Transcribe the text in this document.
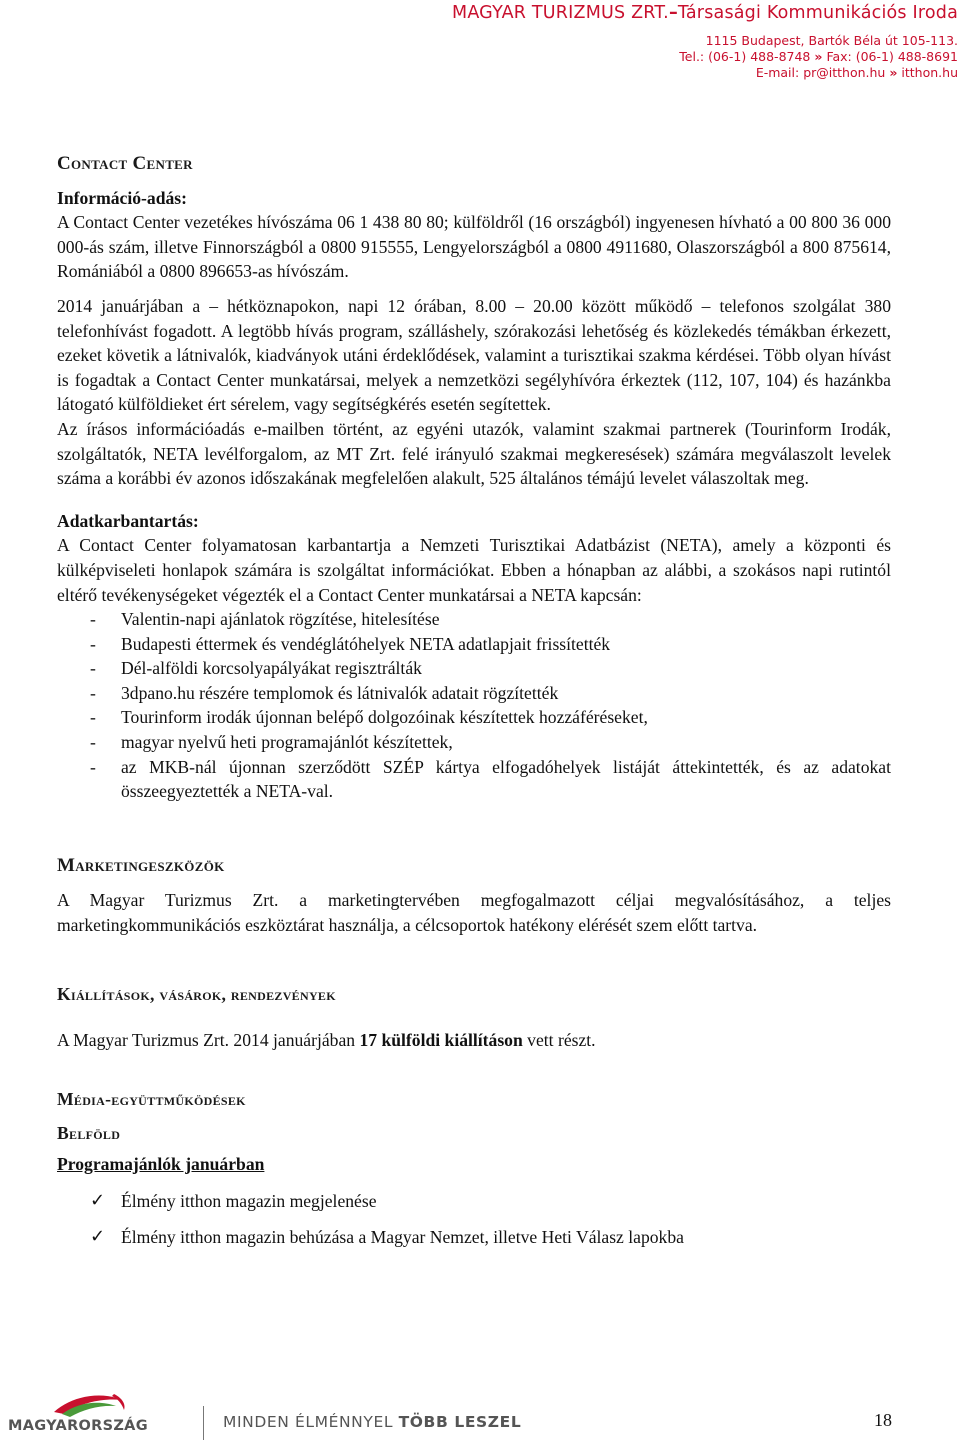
MAGYAR TURIZMUS ZRT.–Társasági Kommunikációs Iroda
1115 Budapest, Bartók Béla út 105-113.
Tel.: (06-1) 488-8748 » Fax: (06-1) 488-8691
E-mail: pr@itthon.hu » itthon.hu
Contact Center
Információ-adás:

A Contact Center vezetékes hívószáma 06 1 438 80 80; külföldről (16 országból) ingyenesen hívható a 00 800 36 000 000-ás szám, illetve Finnországból a 0800 915555, Lengyelországból a 0800 4911680, Olaszországból a 800 875614, Romániából a 0800 896653-as hívószám.

2014 januárjában a – hétköznapokon, napi 12 órában, 8.00 – 20.00 között működő – telefonos szolgálat 380 telefonhívást fogadott. A legtöbb hívás program, szálláshely, szórakozási lehetőség és közlekedés témákban érkezett, ezeket követik a látnivalók, kiadványok utáni érdeklődések, valamint a turisztikai szakma kérdései. Több olyan hívást is fogadtak a Contact Center munkatársai, melyek a nemzetközi segélyhívóra érkeztek (112, 107, 104) és hazánkba látogató külföldieket ért sérelem, vagy segítségkérés esetén segítettek.

Az írásos információadás e-mailben történt, az egyéni utazók, valamint szakmai partnerek (Tourinform Irodák, szolgáltatók, NETA levélforgalom, az MT Zrt. felé irányuló szakmai megkeresések) számára megválaszolt levelek száma a korábbi év azonos időszakának megfelelően alakult, 525 általános témájú levelet válaszoltak meg.

Adatkarbantartás:

A Contact Center folyamatosan karbantartja a Nemzeti Turisztikai Adatbázist (NETA), amely a központi és külképviseleti honlapok számára is szolgáltat információkat. Ebben a hónapban az alábbi, a szokásos napi rutintól eltérő tevékenységeket végezték el a Contact Center munkatársai a NETA kapcsán:

- Valentin-napi ajánlatok rögzítése, hitelesítése
- Budapesti éttermek és vendéglátóhelyek NETA adatlapjait frissítették
- Dél-alföldi korcsolyapályákat regisztrálták
- 3dpano.hu részére templomok és látnivalók adatait rögzítették
- Tourinform irodák újonnan belépő dolgozóinak készítettek hozzáféréseket,
- magyar nyelvű heti programajánlót készítettek,
- az MKB-nál újonnan szerződött SZÉP kártya elfogadóhelyek listáját áttekintették, és az adatokat összeegyeztették a NETA-val.
Marketingeszközök

A Magyar Turizmus Zrt. a marketingtervében megfogalmazott céljai megvalósításához, a teljes marketingkommunikációs eszköztárat használja, a célcsoportok hatékony elérését szem előtt tartva.

Kiállítások, vásárok, rendezvények

A Magyar Turizmus Zrt. 2014 januárjában 17 külföldi kiállításon vett részt.

Média-együttműködések
Belföld
Programajánlók januárban
✓ Élmény itthon magazin megjelenése
✓ Élmény itthon magazin behúzása a Magyar Nemzet, illetve Heti Válasz lapokba
MAGYARORSZÁG	MINDEN ÉLMÉNNYEL TÖBB LESZEL	18
